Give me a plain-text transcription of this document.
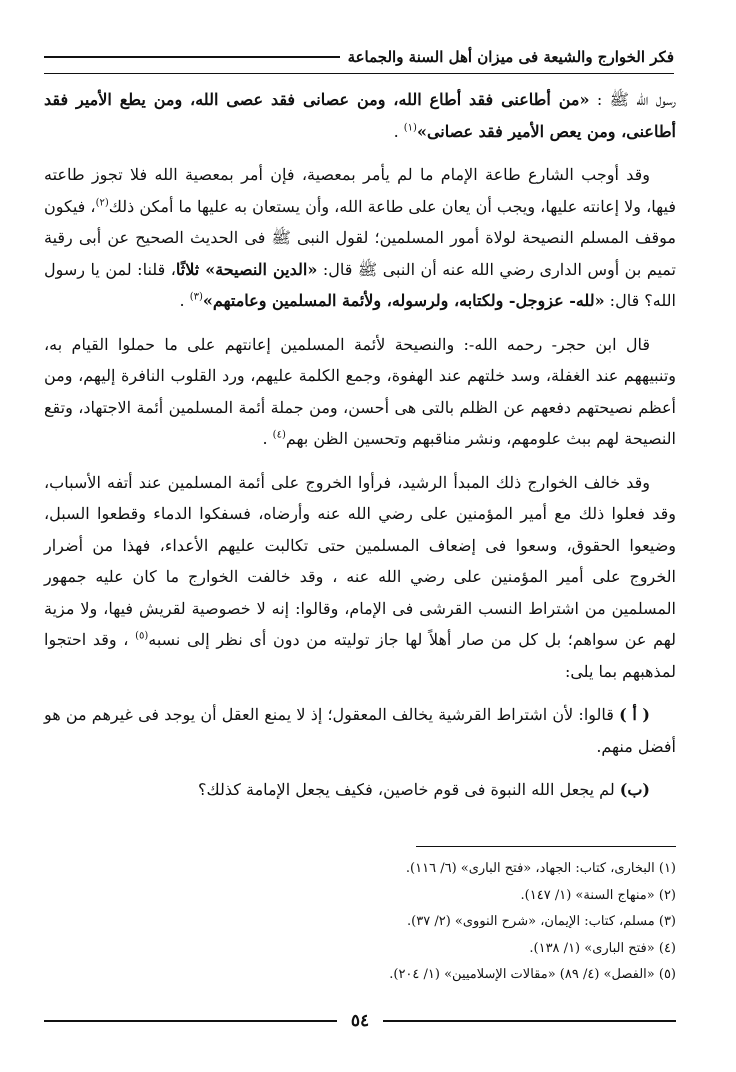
فكر الخوارج والشيعة فى ميزان أهل السنة والجماعة

رسول الله ﷺ : «من أطاعنى فقد أطاع الله، ومن عصانى فقد عصى الله، ومن يطع الأمير فقد أطاعنى، ومن يعص الأمير فقد عصانى»$^{(١)}$ .

وقد أوجب الشارع طاعة الإمام ما لم يأمر بمعصية، فإن أمر بمعصية الله فلا تجوز طاعته فيها، ولا إعانته عليها، ويجب أن يعان على طاعة الله، وأن يستعان به عليها ما أمكن ذلك$^{(٢)}$، فيكون موقف المسلم النصيحة لولاة أمور المسلمين؛ لقول النبى ﷺ فى الحديث الصحيح عن أبى رقية تميم بن أوس الدارى رضي الله عنه أن النبى ﷺ قال: «الدين النصيحة» ثلاثًا، قلنا: لمن يا رسول الله؟ قال: «لله- عزوجل- ولكتابه، ولرسوله، ولأئمة المسلمين وعامتهم»$^{(٣)}$ .

قال ابن حجر- رحمه الله-: والنصيحة لأئمة المسلمين إعانتهم على ما حملوا القيام به، وتنبيههم عند الغفلة، وسد خلتهم عند الهفوة، وجمع الكلمة عليهم، ورد القلوب النافرة إليهم، ومن أعظم نصيحتهم دفعهم عن الظلم بالتى هى أحسن، ومن جملة أئمة المسلمين أئمة الاجتهاد، وتقع النصيحة لهم ببث علومهم، ونشر مناقبهم وتحسين الظن بهم$^{(٤)}$ .

وقد خالف الخوارج ذلك المبدأ الرشيد، فرأوا الخروج على أئمة المسلمين عند أتفه الأسباب، وقد فعلوا ذلك مع أمير المؤمنين على رضي الله عنه وأرضاه، فسفكوا الدماء وقطعوا السبل، وضيعوا الحقوق، وسعوا فى إضعاف المسلمين حتى تكالبت عليهم الأعداء، فهذا من أضرار الخروج على أمير المؤمنين على رضي الله عنه ، وقد خالفت الخوارج ما كان عليه جمهور المسلمين من اشتراط النسب القرشى فى الإمام، وقالوا: إنه لا خصوصية لقريش فيها، ولا مزية لهم عن سواهم؛ بل كل من صار أهلاً لها جاز توليته من دون أى نظر إلى نسبه$^{(٥)}$ ، وقد احتجوا لمذهبهم بما يلى:

( أ ) قالوا: لأن اشتراط القرشية يخالف المعقول؛ إذ لا يمنع العقل أن يوجد فى غيرهم من هو أفضل منهم.

(ب) لم يجعل الله النبوة فى قوم خاصين، فكيف يجعل الإمامة كذلك؟

(١) البخارى، كتاب: الجهاد، «فتح البارى» (٦/ ١١٦).
(٢) «منهاج السنة» (١/ ١٤٧).
(٣) مسلم، كتاب: الإيمان، «شرح النووى» (٢/ ٣٧).
(٤) «فتح البارى» (١/ ١٣٨).
(٥) «الفصل» (٤/ ٨٩) «مقالات الإسلاميين» (١/ ٢٠٤).
٥٤
